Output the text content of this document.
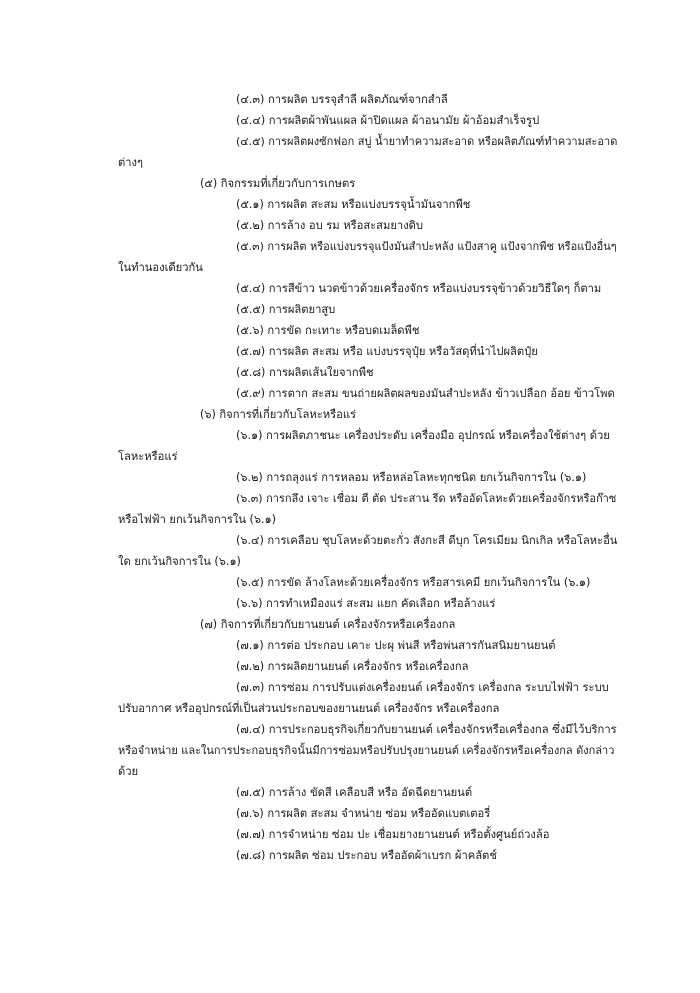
(๔.๓) การผลิต บรรจุสำลี ผลิตภัณฑ์จากสำลี
(๔.๔) การผลิตผ้าพันแผล ผ้าปิดแผล ผ้าอนามัย ผ้าอ้อมสำเร็จรูป
(๔.๕) การผลิตผงซักฟอก สบู่ น้ำยาทำความสะอาด หรือผลิตภัณฑ์ทำความสะอาด
ต่างๆ
(๕) กิจกรรมที่เกี่ยวกับการเกษตร
(๕.๑) การผลิต สะสม หรือแบ่งบรรจุน้ำมันจากพืช
(๕.๒) การล้าง อบ รม หรือสะสมยางดิบ
(๕.๓) การผลิต หรือแบ่งบรรจุแป้งมันสำปะหลัง แป้งสาคู แป้งจากพืช หรือแป้งอื่นๆ
ในทำนองเดียวกัน
(๕.๔) การสีข้าว นวดข้าวด้วยเครื่องจักร หรือแบ่งบรรจุข้าวด้วยวิธีใดๆ ก็ตาม
(๕.๕) การผลิตยาสูบ
(๕.๖) การขัด กะเทาะ หรือบดเมล็ดพืช
(๕.๗) การผลิต สะสม หรือ แบ่งบรรจุปุ๋ย หรือวัสดุที่นำไปผลิตปุ๋ย
(๕.๘) การผลิตเส้นใยจากพืช
(๕.๙) การตาก สะสม ขนถ่ายผลิตผลของมันสำปะหลัง ข้าวเปลือก อ้อย ข้าวโพด
(๖) กิจการที่เกี่ยวกับโลหะหรือแร่
(๖.๑) การผลิตภาชนะ เครื่องประดับ เครื่องมือ อุปกรณ์ หรือเครื่องใช้ต่างๆ ด้วย
โลหะหรือแร่
(๖.๒) การถลุงแร่ การหลอม หรือหล่อโลหะทุกชนิด ยกเว้นกิจการใน (๖.๑)
(๖.๓) การกลึง เจาะ เชื่อม ตี ตัด ประสาน รีด หรืออัดโลหะด้วยเครื่องจักรหรือก๊าซ
หรือไฟฟ้า ยกเว้นกิจการใน (๖.๑)
(๖.๔) การเคลือบ ชุบโลหะด้วยตะกั่ว สังกะสี ดีบุก โครเมียม นิกเกิล หรือโลหะอื่น
ใด ยกเว้นกิจการใน (๖.๑)
(๖.๕) การขัด ล้างโลหะด้วยเครื่องจักร หรือสารเคมี ยกเว้นกิจการใน (๖.๑)
(๖.๖) การทำเหมืองแร่ สะสม แยก คัดเลือก หรือล้างแร่
(๗) กิจการที่เกี่ยวกับยานยนต์ เครื่องจักรหรือเครื่องกล
(๗.๑) การต่อ ประกอบ เคาะ ปะผุ พ่นสี หรือพ่นสารกันสนิมยานยนต์
(๗.๒) การผลิตยานยนต์ เครื่องจักร หรือเครื่องกล
(๗.๓) การซ่อม การปรับแต่งเครื่องยนต์ เครื่องจักร เครื่องกล ระบบไฟฟ้า ระบบ
ปรับอากาศ หรืออุปกรณ์ที่เป็นส่วนประกอบของยานยนต์ เครื่องจักร หรือเครื่องกล
(๗.๔) การประกอบธุรกิจเกี่ยวกับยานยนต์ เครื่องจักรหรือเครื่องกล ซึ่งมีไว้บริการ
หรือจำหน่าย และในการประกอบธุรกิจนั้นมีการซ่อมหรือปรับปรุงยานยนต์ เครื่องจักรหรือเครื่องกล ดังกล่าว
ด้วย
(๗.๕) การล้าง ขัดสี เคลือบสี หรือ อัดฉีดยานยนต์
(๗.๖) การผลิต สะสม จำหน่าย ซ่อม หรืออัดแบตเตอรี่
(๗.๗) การจำหน่าย ซ่อม ปะ เชื่อมยางยานยนต์ หรือตั้งศูนย์ถ่วงล้อ
(๗.๘) การผลิต ซ่อม ประกอบ หรืออัดผ้าเบรก ผ้าคลัตช์
